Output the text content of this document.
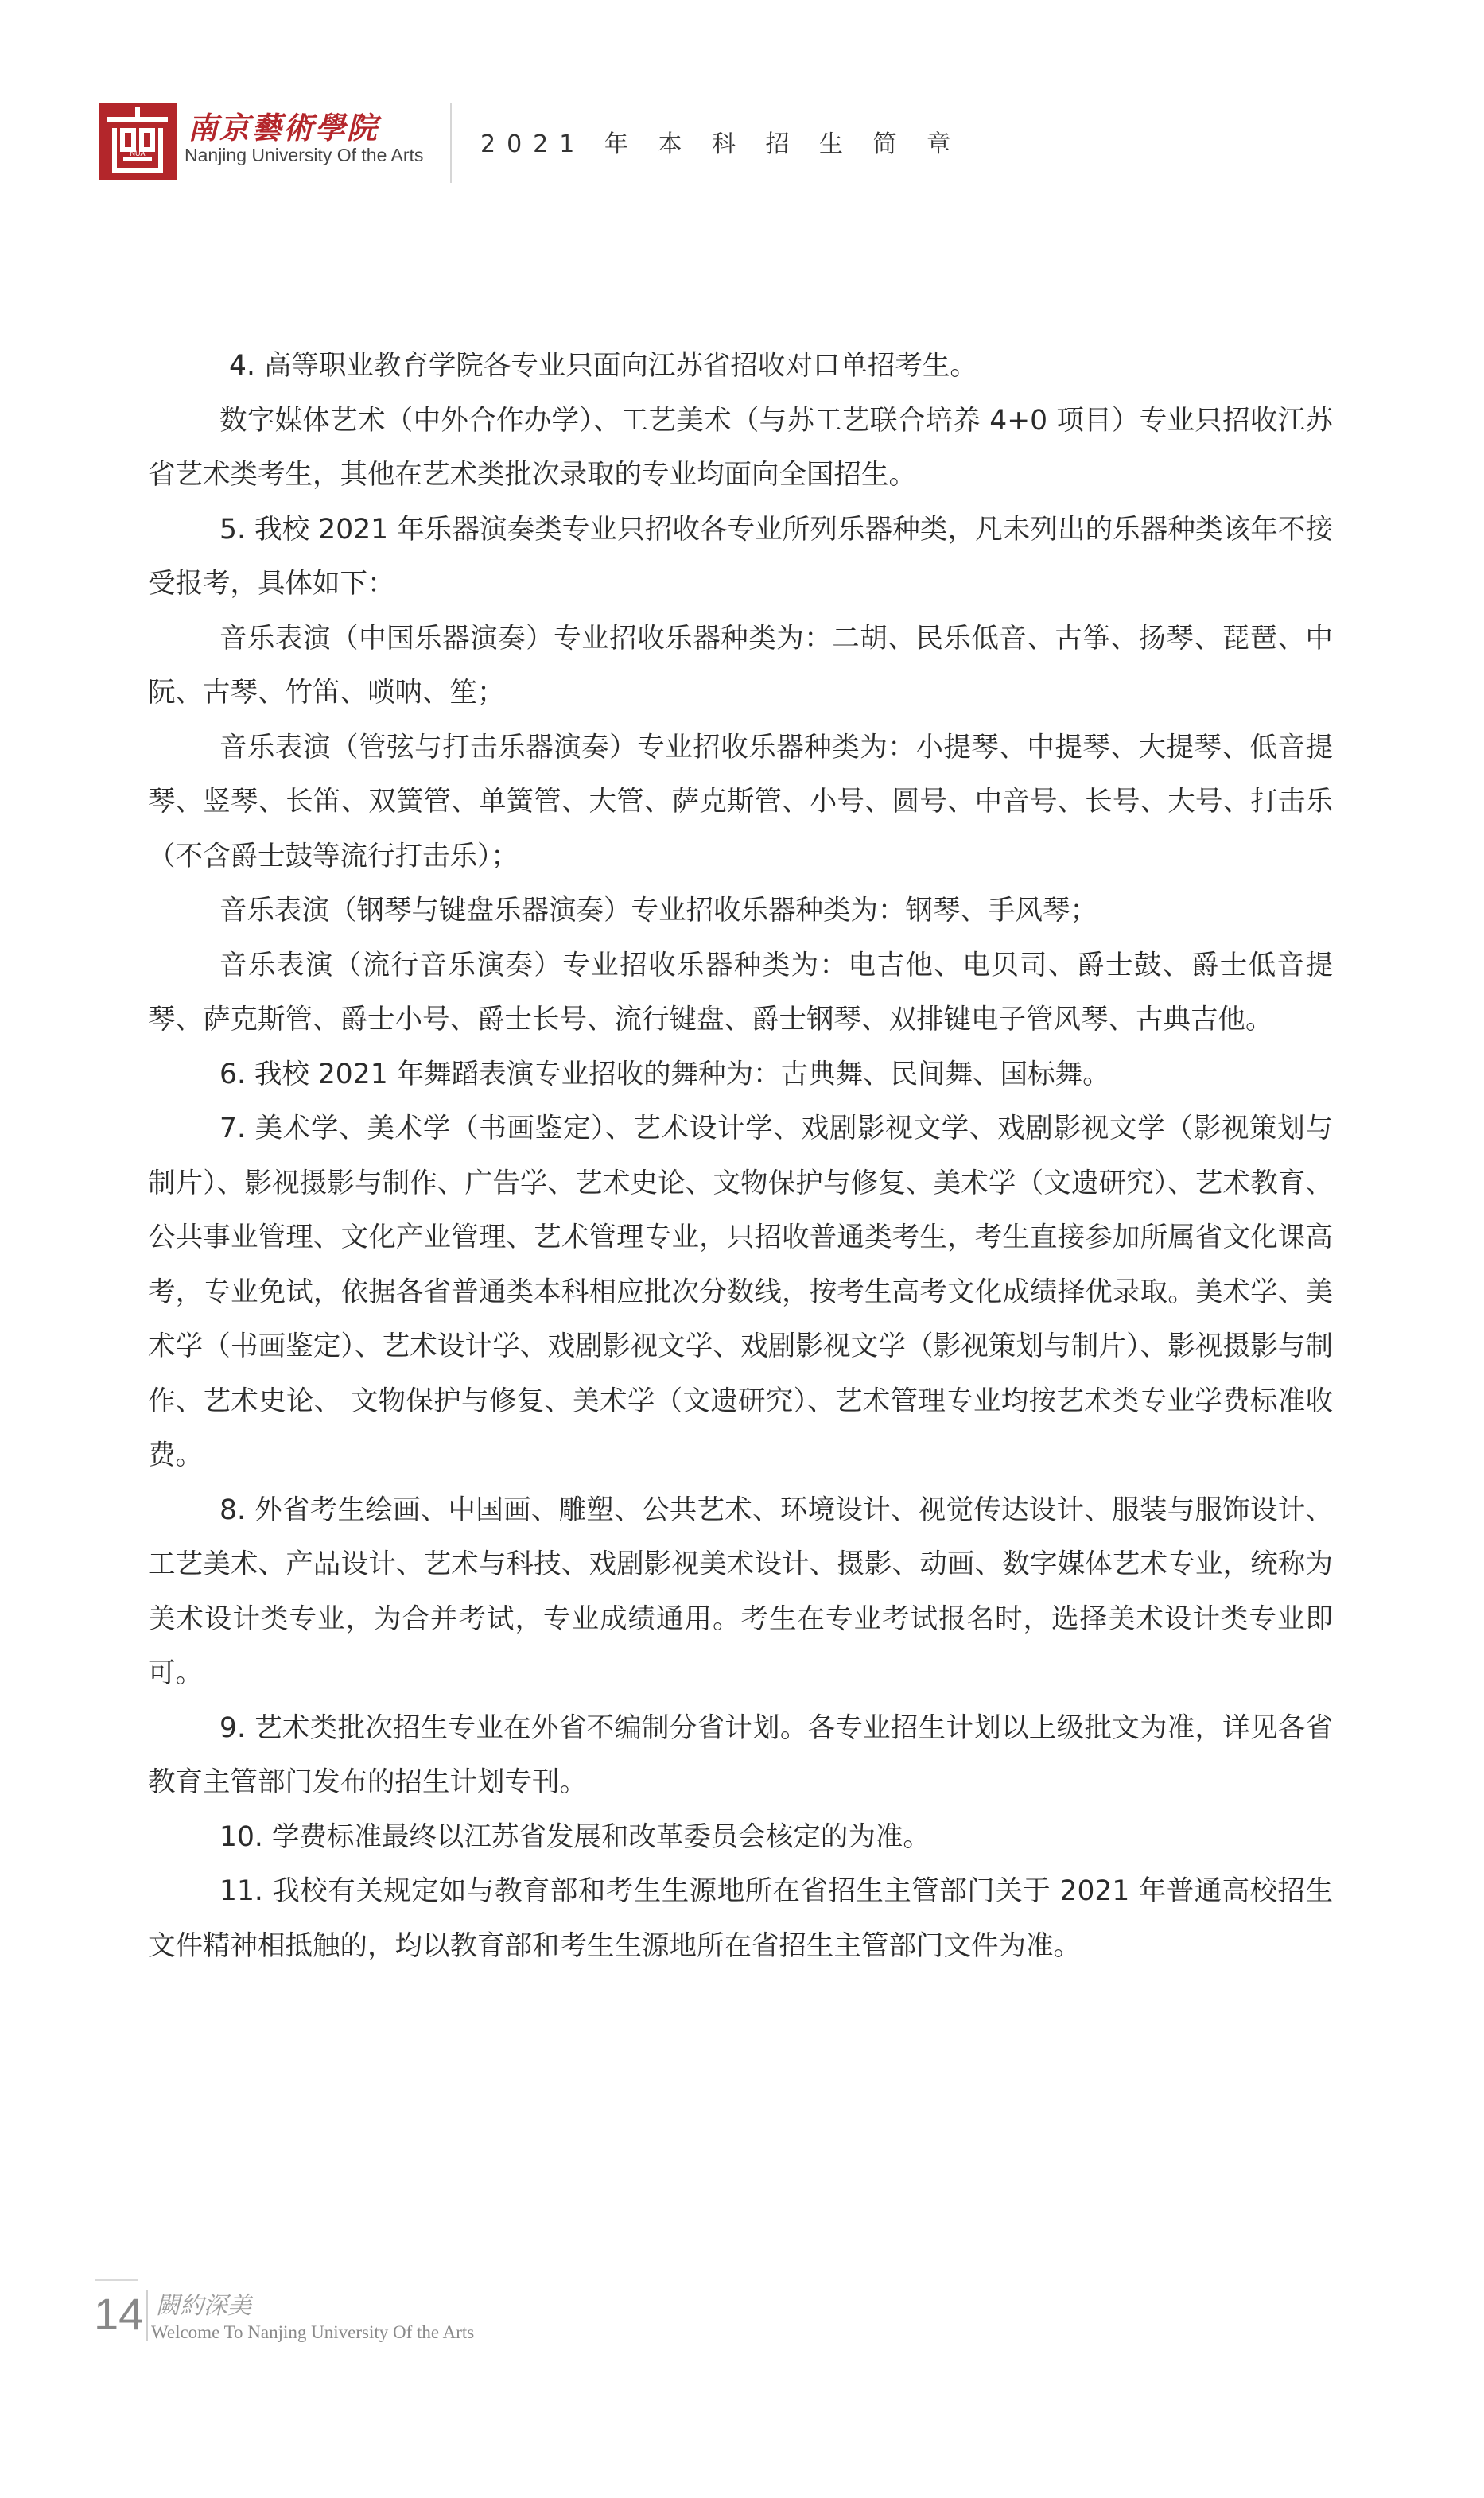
NUA
南京藝術學院
Nanjing University Of the Arts 2021 年 本 科 招 生 简 章

4. 高等职业教育学院各专业只面向江苏省招收对口单招考生。

数字媒体艺术（中外合作办学）、工艺美术（与苏工艺联合培养 4+0 项目）专业只招收江苏省艺术类考生，其他在艺术类批次录取的专业均面向全国招生。

5. 我校 2021 年乐器演奏类专业只招收各专业所列乐器种类，凡未列出的乐器种类该年不接受报考，具体如下：

音乐表演（中国乐器演奏）专业招收乐器种类为：二胡、民乐低音、古筝、扬琴、琵琶、中阮、古琴、竹笛、唢呐、笙；

音乐表演（管弦与打击乐器演奏）专业招收乐器种类为：小提琴、中提琴、大提琴、低音提琴、竖琴、长笛、双簧管、单簧管、大管、萨克斯管、小号、圆号、中音号、长号、大号、打击乐（不含爵士鼓等流行打击乐）；

音乐表演（钢琴与键盘乐器演奏）专业招收乐器种类为：钢琴、手风琴；

音乐表演（流行音乐演奏）专业招收乐器种类为：电吉他、电贝司、爵士鼓、爵士低音提琴、萨克斯管、爵士小号、爵士长号、流行键盘、爵士钢琴、双排键电子管风琴、古典吉他。

6. 我校 2021 年舞蹈表演专业招收的舞种为：古典舞、民间舞、国标舞。

7. 美术学、美术学（书画鉴定）、艺术设计学、戏剧影视文学、戏剧影视文学（影视策划与制片）、影视摄影与制作、广告学、艺术史论、文物保护与修复、美术学（文遗研究）、艺术教育、公共事业管理、文化产业管理、艺术管理专业，只招收普通类考生，考生直接参加所属省文化课高考，专业免试，依据各省普通类本科相应批次分数线，按考生高考文化成绩择优录取。美术学、美术学（书画鉴定）、艺术设计学、戏剧影视文学、戏剧影视文学（影视策划与制片）、影视摄影与制作、艺术史论、 文物保护与修复、美术学（文遗研究）、艺术管理专业均按艺术类专业学费标准收费。

8. 外省考生绘画、中国画、雕塑、公共艺术、环境设计、视觉传达设计、服装与服饰设计、工艺美术、产品设计、艺术与科技、戏剧影视美术设计、摄影、动画、数字媒体艺术专业，统称为美术设计类专业，为合并考试，专业成绩通用。考生在专业考试报名时，选择美术设计类专业即可。

9. 艺术类批次招生专业在外省不编制分省计划。各专业招生计划以上级批文为准，详见各省教育主管部门发布的招生计划专刊。

10. 学费标准最终以江苏省发展和改革委员会核定的为准。

11. 我校有关规定如与教育部和考生生源地所在省招生主管部门关于 2021 年普通高校招生文件精神相抵触的，均以教育部和考生生源地所在省招生主管部门文件为准。

14 闕約深美
Welcome To Nanjing University Of the Arts
